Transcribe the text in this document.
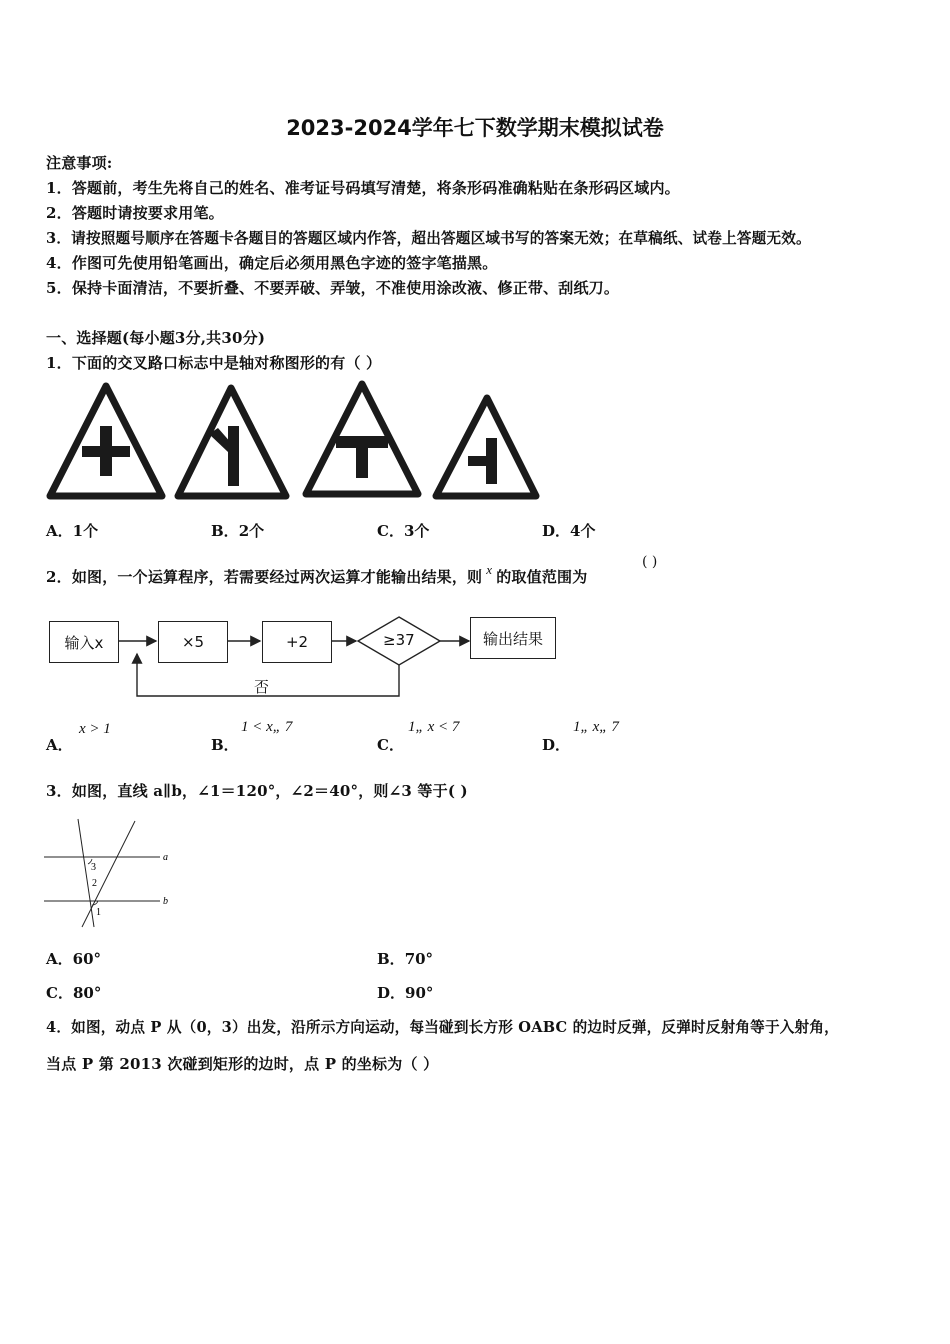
2023-2024学年七下数学期末模拟试卷
注意事项:
1．答题前，考生先将自己的姓名、准考证号码填写清楚，将条形码准确粘贴在条形码区域内。
2．答题时请按要求用笔。
3．请按照题号顺序在答题卡各题目的答题区域内作答，超出答题区域书写的答案无效；在草稿纸、试卷上答题无效。
4．作图可先使用铅笔画出，确定后必须用黑色字迹的签字笔描黑。
5．保持卡面清洁，不要折叠、不要弄破、弄皱，不准使用涂改液、修正带、刮纸刀。
一、选择题(每小题3分,共30分)
1．下面的交叉路口标志中是轴对称图形的有（ ）
A．1个	B．2个	C．3个	D．4个
2．如图，一个运算程序，若需要经过两次运算才能输出结果，则 x 的取值范围为
( )
输入x	×5	+2	≥37	输出结果
否
A．
x > 1
B．
1 < x„ 7
C．
1„ x < 7
D．
1„ x„ 7
3．如图，直线 a∥b，∠1＝120°，∠2＝40°，则∠3 等于( )
a
b
3
2
1
A．60°	B．70°
C．80°	D．90°
4．如图，动点 P 从（0，3）出发，沿所示方向运动，每当碰到长方形 OABC 的边时反弹，反弹时反射角等于入射角，
当点 P 第 2013 次碰到矩形的边时，点 P 的坐标为（ ）
